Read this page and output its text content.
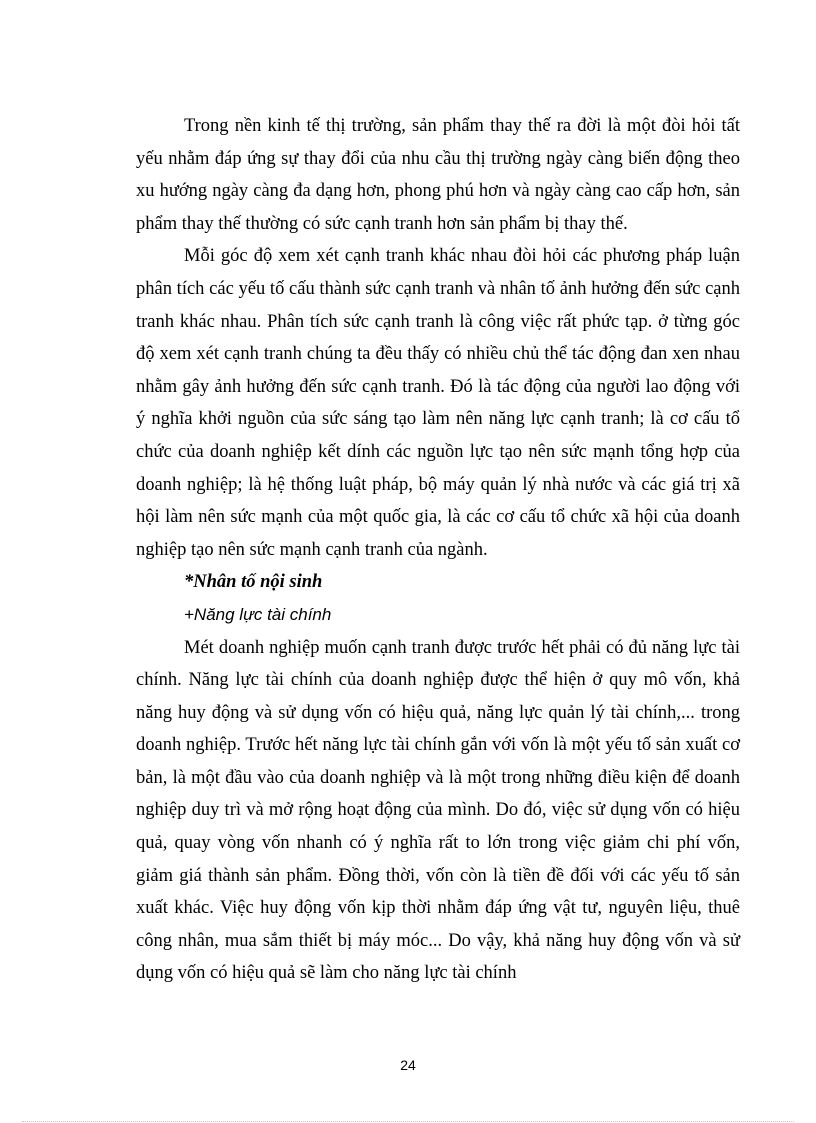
Trong nền kinh tế thị trường, sản phẩm thay thế ra đời là một đòi hỏi tất yếu nhằm đáp ứng sự thay đổi của nhu cầu thị trường ngày càng biến động theo xu hướng ngày càng đa dạng hơn, phong phú hơn và ngày càng cao cấp hơn, sản phẩm thay thế thường có sức cạnh tranh hơn sản phẩm bị thay thế.

Mỗi góc độ xem xét cạnh tranh khác nhau đòi hỏi các phương pháp luận phân tích các yếu tố cấu thành sức cạnh tranh và nhân tố ảnh hưởng đến sức cạnh tranh khác nhau. Phân tích sức cạnh tranh là công việc rất phức tạp. ở từng góc độ xem xét cạnh tranh chúng ta đều thấy có nhiều chủ thể tác động đan xen nhau nhằm gây ảnh hưởng đến sức cạnh tranh. Đó là tác động của người lao động với ý nghĩa khởi nguồn của sức sáng tạo làm nên năng lực cạnh tranh; là cơ cấu tổ chức của doanh nghiệp kết dính các nguồn lực tạo nên sức mạnh tổng hợp của doanh nghiệp; là hệ thống luật pháp, bộ máy quản lý nhà nước và các giá trị xã hội làm nên sức mạnh của một quốc gia, là các cơ cấu tổ chức xã hội của doanh nghiệp tạo nên sức mạnh cạnh tranh của ngành.

*Nhân tố nội sinh

+Năng lực tài chính

Mét doanh nghiệp muốn cạnh tranh được trước hết phải có đủ năng lực tài chính. Năng lực tài chính của doanh nghiệp được thể hiện ở quy mô vốn, khả năng huy động và sử dụng vốn có hiệu quả, năng lực quản lý tài chính,... trong doanh nghiệp. Trước hết năng lực tài chính gắn với vốn là một yếu tố sản xuất cơ bản, là một đầu vào của doanh nghiệp và là một trong những điều kiện để doanh nghiệp duy trì và mở rộng hoạt động của mình. Do đó, việc sử dụng vốn có hiệu quả, quay vòng vốn nhanh có ý nghĩa rất to lớn trong việc giảm chi phí vốn, giảm giá thành sản phẩm. Đồng thời, vốn còn là tiền đề đối với các yếu tố sản xuất khác. Việc huy động vốn kịp thời nhằm đáp ứng vật tư, nguyên liệu, thuê công nhân, mua sắm thiết bị máy móc... Do vậy, khả năng huy động vốn và sử dụng vốn có hiệu quả sẽ làm cho năng lực tài chính

24
